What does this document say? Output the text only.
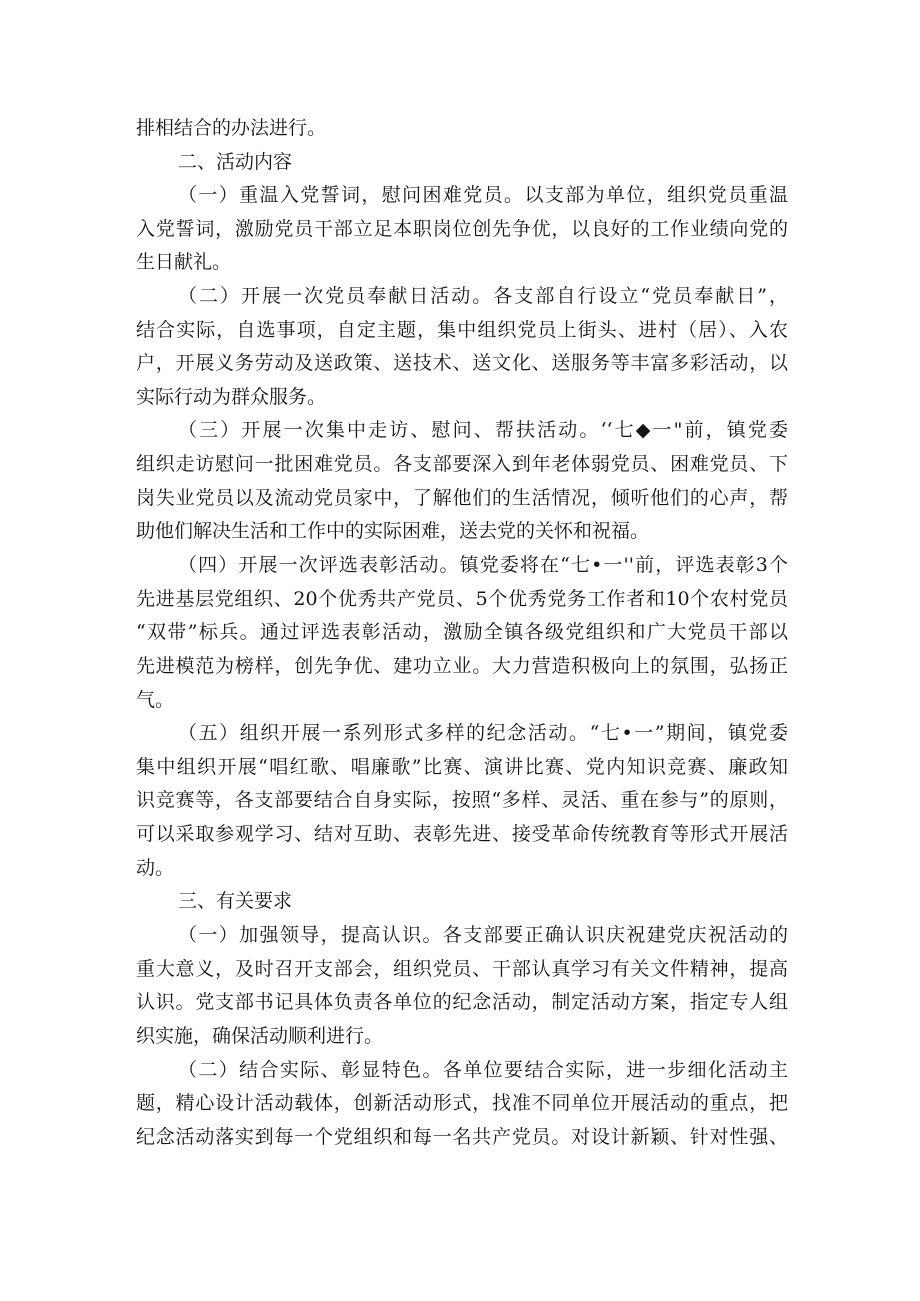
排相结合的办法进行。
二、活动内容
（一）重温入党誓词，慰问困难党员。以支部为单位，组织党员重温
入党誓词，激励党员干部立足本职岗位创先争优，以良好的工作业绩向党的
生日献礼。
（二）开展一次党员奉献日活动。各支部自行设立“党员奉献日”，
结合实际，自选事项，自定主题，集中组织党员上街头、进村（居）、入农
户，开展义务劳动及送政策、送技术、送文化、送服务等丰富多彩活动，以
实际行动为群众服务。
（三）开展一次集中走访、慰问、帮扶活动。‘‘七◆一"前，镇党委
组织走访慰问一批困难党员。各支部要深入到年老体弱党员、困难党员、下
岗失业党员以及流动党员家中，了解他们的生活情况，倾听他们的心声，帮
助他们解决生活和工作中的实际困难，送去党的关怀和祝福。
（四）开展一次评选表彰活动。镇党委将在“七•一''前，评选表彰3个
先进基层党组织、20个优秀共产党员、5个优秀党务工作者和10个农村党员
“双带”标兵。通过评选表彰活动，激励全镇各级党组织和广大党员干部以
先进模范为榜样，创先争优、建功立业。大力营造积极向上的氛围，弘扬正
气。
（五）组织开展一系列形式多样的纪念活动。“七•一”期间，镇党委
集中组织开展“唱红歌、唱廉歌”比赛、演讲比赛、党内知识竞赛、廉政知
识竞赛等，各支部要结合自身实际，按照“多样、灵活、重在参与”的原则，
可以采取参观学习、结对互助、表彰先进、接受革命传统教育等形式开展活
动。
三、有关要求
（一）加强领导，提高认识。各支部要正确认识庆祝建党庆祝活动的
重大意义，及时召开支部会，组织党员、干部认真学习有关文件精神，提高
认识。党支部书记具体负责各单位的纪念活动，制定活动方案，指定专人组
织实施，确保活动顺利进行。
（二）结合实际、彰显特色。各单位要结合实际，进一步细化活动主
题，精心设计活动载体，创新活动形式，找准不同单位开展活动的重点，把
纪念活动落实到每一个党组织和每一名共产党员。对设计新颖、针对性强、
